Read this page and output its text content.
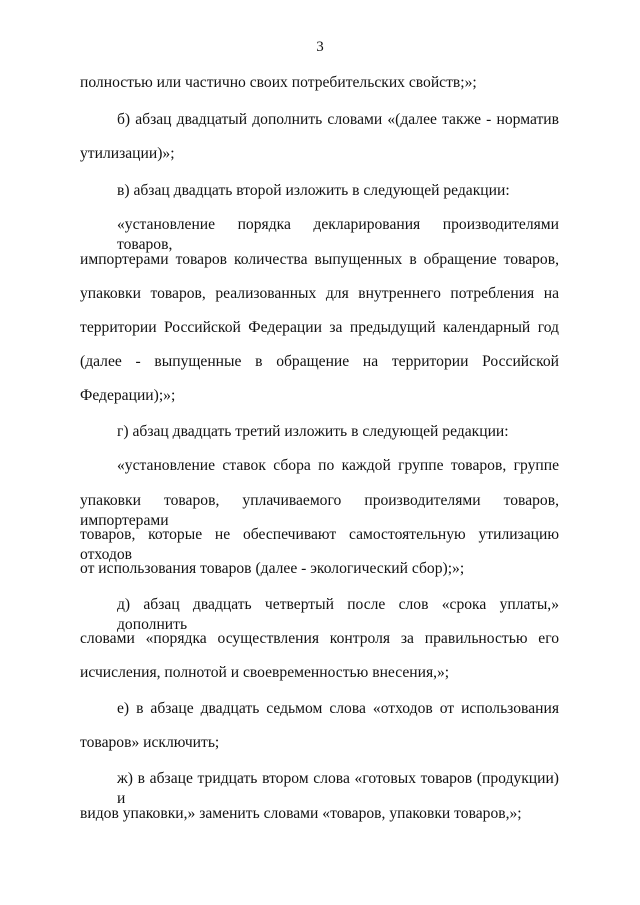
3
полностью или частично своих потребительских свойств;»;
б) абзац двадцатый дополнить словами «(далее также - норматив
утилизации)»;
в) абзац двадцать второй изложить в следующей редакции:
«установление порядка декларирования производителями товаров,
импортерами товаров количества выпущенных в обращение товаров,
упаковки товаров, реализованных для внутреннего потребления на
территории Российской Федерации за предыдущий календарный год
(далее - выпущенные в обращение на территории Российской
Федерации);»;
г) абзац двадцать третий изложить в следующей редакции:
«установление ставок сбора по каждой группе товаров, группе
упаковки товаров, уплачиваемого производителями товаров, импортерами
товаров, которые не обеспечивают самостоятельную утилизацию отходов
от использования товаров (далее - экологический сбор);»;
д) абзац двадцать четвертый после слов «срока уплаты,» дополнить
словами «порядка осуществления контроля за правильностью его
исчисления, полнотой и своевременностью внесения,»;
е) в абзаце двадцать седьмом слова «отходов от использования
товаров» исключить;
ж) в абзаце тридцать втором слова «готовых товаров (продукции) и
видов упаковки,» заменить словами «товаров, упаковки товаров,»;
